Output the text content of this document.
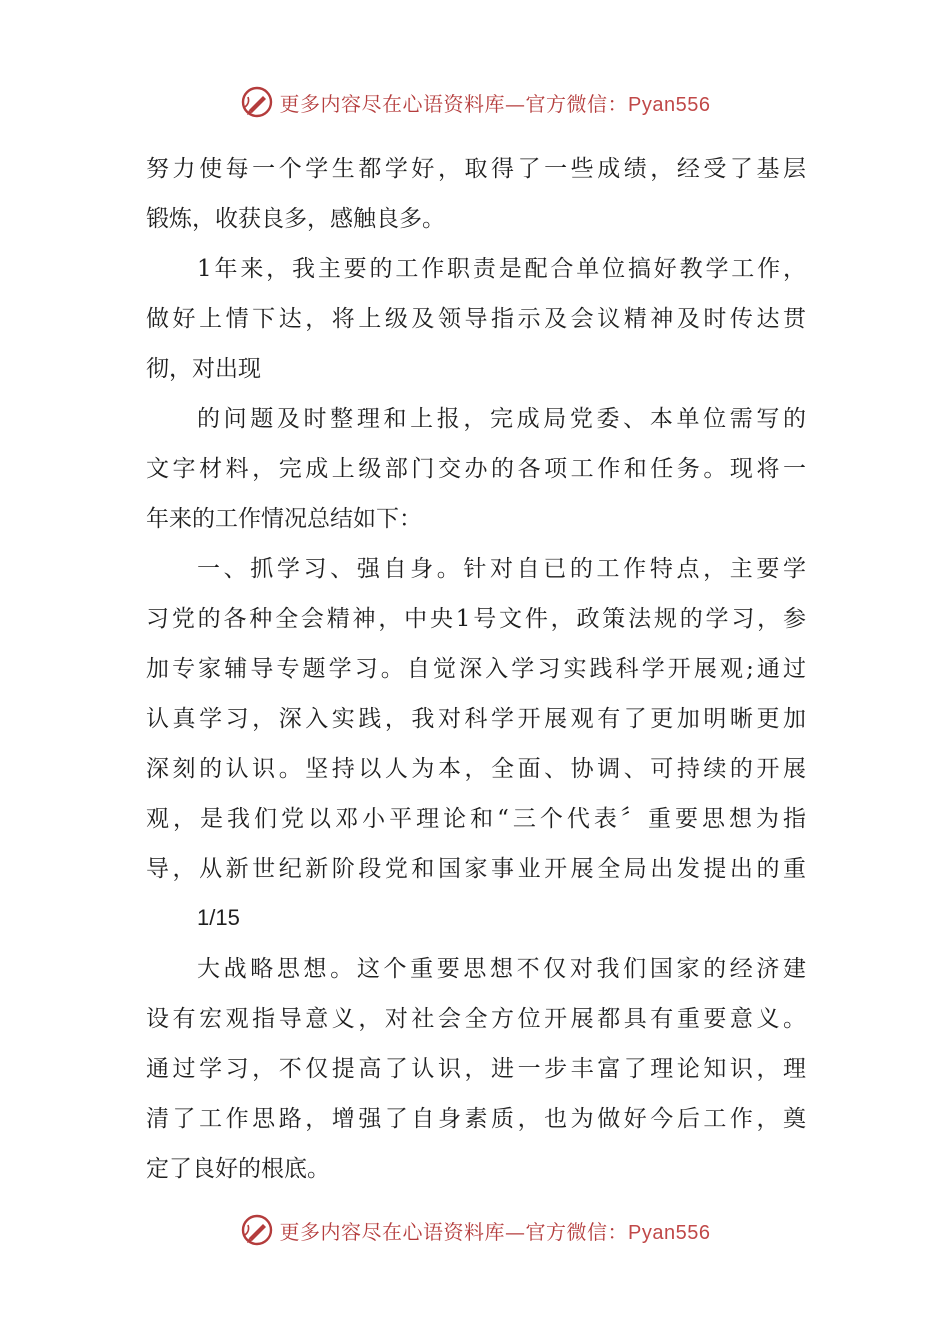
更多内容尽在心语资料库—官方微信：Pyan556
努力使每一个学生都学好，取得了一些成绩，经受了基层
锻炼，收获良多，感触良多。
1年来，我主要的工作职责是配合单位搞好教学工作，
做好上情下达，将上级及领导指示及会议精神及时传达贯
彻，对出现
的问题及时整理和上报，完成局党委、本单位需写的
文字材料，完成上级部门交办的各项工作和任务。现将一
年来的工作情况总结如下：
一、抓学习、强自身。针对自已的工作特点，主要学
习党的各种全会精神，中央1号文件，政策法规的学习，参
加专家辅导专题学习。自觉深入学习实践科学开展观;通过
认真学习，深入实践，我对科学开展观有了更加明晰更加
深刻的认识。坚持以人为本，全面、协调、可持续的开展
观，是我们党以邓小平理论和“三个代表〞重要思想为指
导，从新世纪新阶段党和国家事业开展全局出发提出的重
1/15
大战略思想。这个重要思想不仅对我们国家的经济建
设有宏观指导意义，对社会全方位开展都具有重要意义。
通过学习，不仅提高了认识，进一步丰富了理论知识，理
清了工作思路，增强了自身素质，也为做好今后工作，奠
定了良好的根底。
更多内容尽在心语资料库—官方微信：Pyan556
